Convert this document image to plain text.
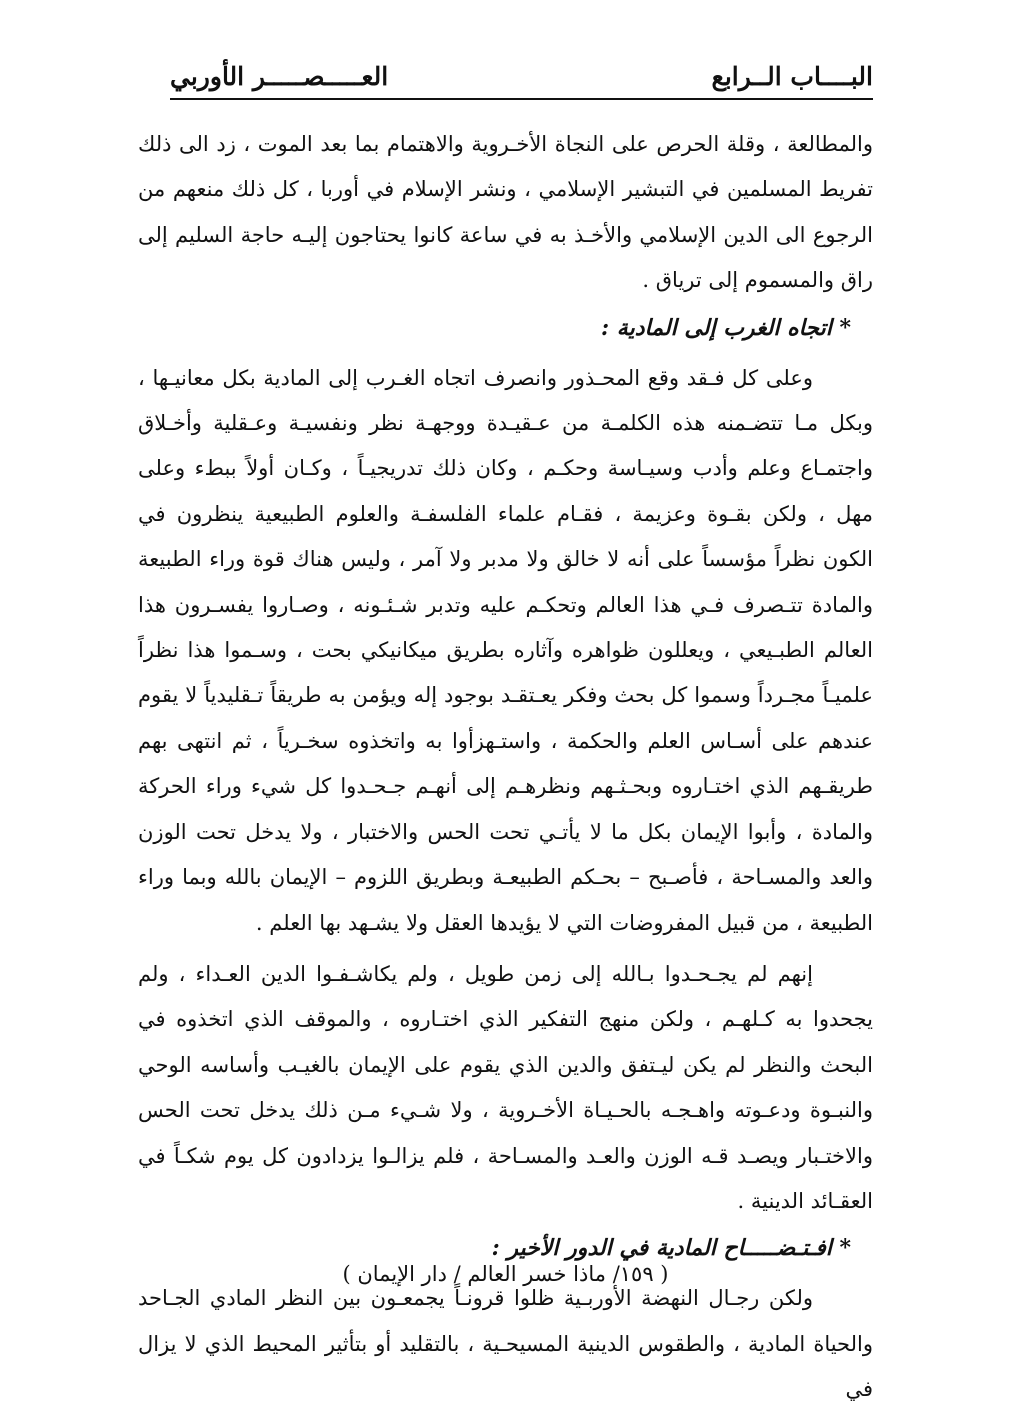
البــــاب الــرابع
العـــــصـــــر الأوربي

والمطالعة ، وقلة الحرص على النجاة الأخـروية والاهتمام بما بعد الموت ، زد الى ذلك تفريط المسلمين في التبشير الإسلامي ، ونشر الإسلام في أوربا ، كل ذلك منعهم من الرجوع الى الدين الإسلامي والأخـذ به في ساعة كانوا يحتاجون إليـه حاجة السليم إلى راق والمسموم إلى ترياق .

* اتجاه الغرب إلى المادية :

وعلى كل فـقد وقع المحـذور وانصرف اتجاه الغـرب إلى المادية بكل معانيـها ، وبكل مـا تتضـمنه هذه الكلمـة من عـقيـدة ووجهـة نظر ونفسيـة وعـقلية وأخـلاق واجتمـاع وعلم وأدب وسيـاسة وحكـم ، وكان ذلك تدريجيـاً ، وكـان أولاً ببطء وعلى مهل ، ولكن بقـوة وعزيمة ، فقـام علماء الفلسفـة والعلوم الطبيعية ينظرون في الكون نظراً مؤسساً على أنه لا خالق ولا مدبر ولا آمر ، وليس هناك قوة وراء الطبيعة والمادة تتـصرف فـي هذا العالم وتحكـم عليه وتدبر شـئـونه ، وصـاروا يفسـرون هذا العالم الطبـيعي ، ويعللون ظواهره وآثاره بطريق ميكانيكي بحت ، وسـموا هذا نظراً علميـاً مجـرداً وسموا كل بحث وفكر يعـتقـد بوجود إله ويؤمن به طريقاً تـقليدياً لا يقوم عندهم على أسـاس العلم والحكمة ، واستـهزأوا به واتخذوه سخـرياً ، ثم انتهى بهم طريقـهم الذي اختـاروه وبحـثـهم ونظرهـم إلى أنهـم جـحـدوا كل شيء وراء الحركة والمادة ، وأبوا الإيمان بكل ما لا يأتـي تحت الحس والاختبار ، ولا يدخل تحت الوزن والعد والمسـاحة ، فأصـبح – بحـكم الطبيعـة وبطريق اللزوم – الإيمان بالله وبما وراء الطبيعة ، من قبيل المفروضات التي لا يؤيدها العقل ولا يشـهد بها العلم .

إنهم لم يجـحـدوا بـالله إلى زمن طويل ، ولم يكاشـفـوا الدين العـداء ، ولم يجحدوا به كـلهـم ، ولكن منهج التفكير الذي اختـاروه ، والموقف الذي اتخذوه في البحث والنظر لم يكن ليـتفق والدين الذي يقوم على الإيمان بالغيـب وأساسه الوحي والنبـوة ودعـوته واهـجـه بالحـيـاة الأخـروية ، ولا شـيء مـن ذلك يدخل تحت الحس والاختـبار ويصـد قـه الوزن والعـد والمسـاحة ، فلم يزالـوا يزدادون كل يوم شكـاً في العقـائد الدينية .

* افـتـضـــــاح المادية في الدور الأخير :

ولكن رجـال النهضة الأوربـية ظلوا قرونـاً يجمعـون بين النظر المادي الجـاحد والحياة المادية ، والطقوس الدينية المسيحـية ، بالتقليد أو بتأثير المحيط الذي لا يزال في

( ١٥٩/ ماذا خسر العالم / دار الإيمان )
